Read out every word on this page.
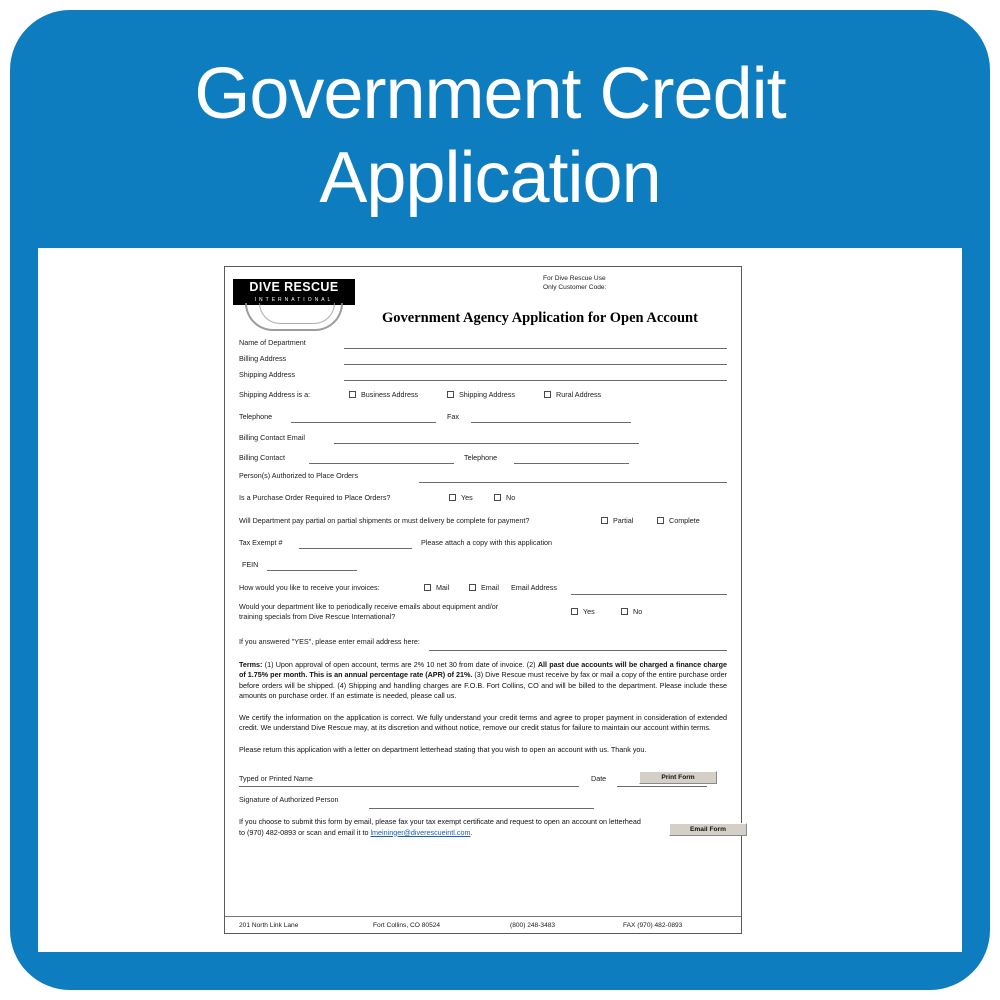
Government Credit Application
DIVE RESCUE
INTERNATIONAL
For Dive Rescue Use
Only Customer Code:
Government Agency Application for Open Account
Name of Department
Billing Address
Shipping Address
Shipping Address is a:	Business Address	Shipping Address	Rural Address
Telephone	Fax
Billing Contact Email
Billing Contact	Telephone
Person(s) Authorized to Place Orders
Is a Purchase Order Required to Place Orders?	Yes	No
Will Department pay partial on partial shipments or must delivery be complete for payment?	Partial	Complete
Tax Exempt #	Please attach a copy with this application
FEIN
How would you like to receive your invoices:	Mail	Email Email Address
Would your department like to periodically receive emails about equipment and/or
training specials from Dive Rescue International?
Yes	No
If you answered "YES", please enter email address here:
Terms: (1) Upon approval of open account, terms are 2% 10 net 30 from date of invoice. (2) All past due accounts will be charged a finance charge of 1.75% per month. This is an annual percentage rate (APR) of 21%. (3) Dive Rescue must receive by fax or mail a copy of the entire purchase order before orders will be shipped. (4) Shipping and handling charges are F.O.B. Fort Collins, CO and will be billed to the department. Please include these amounts on purchase order. If an estimate is needed, please call us.
We certify the information on the application is correct. We fully understand your credit terms and agree to proper payment in consideration of extended credit. We understand Dive Rescue may, at its discretion and without notice, remove our credit status for failure to maintain our account within terms.
Please return this application with a letter on department letterhead stating that you wish to open an account with us. Thank you.
Typed or Printed Name	Date	Print Form
Signature of Authorized Person
If you choose to submit this form by email, please fax your tax exempt certificate and request to open an account on letterhead
to (970) 482-0893 or scan and email it to lmeininger@diverescueintl.com.	Email Form
201 North Link Lane	Fort Collins, CO 80524	(800) 248-3483	FAX (970) 482-0893
